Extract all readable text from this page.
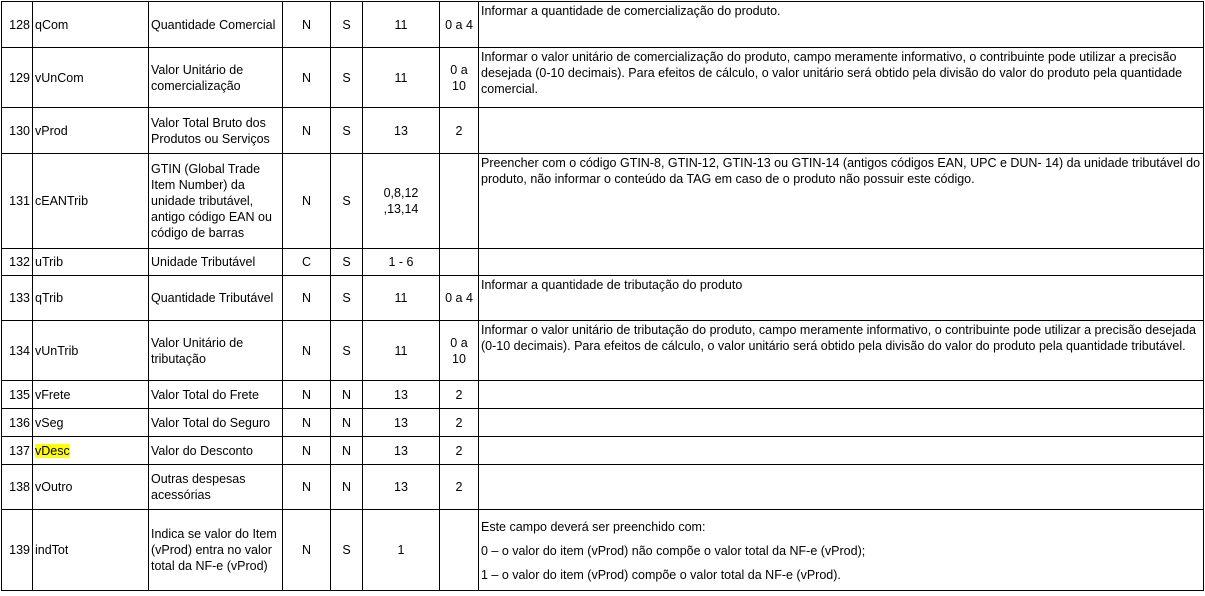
128	qCom	Quantidade Comercial	N	S	11	0 a 4	Informar a quantidade de comercialização do produto.

129	vUnCom	Valor Unitário de comercialização	N	S	11	0 a 10	Informar o valor unitário de comercialização do produto, campo meramente informativo, o contribuinte pode utilizar a precisão desejada (0-10 decimais). Para efeitos de cálculo, o valor unitário será obtido pela divisão do valor do produto pela quantidade comercial.

130	vProd	Valor Total Bruto dos Produtos ou Serviços	N	S	13	2	
131	cEANTrib	GTIN (Global Trade Item Number) da unidade tributável, antigo código EAN ou código de barras	N	S	0,8,12 ,13,14		Preencher com o código GTIN-8, GTIN-12, GTIN-13 ou GTIN-14 (antigos códigos EAN, UPC e DUN- 14) da unidade tributável do produto, não informar o conteúdo da TAG em caso de o produto não possuir este código.

132	uTrib	Unidade Tributável	C	S	1 - 6		
133	qTrib	Quantidade Tributável	N	S	11	0 a 4	Informar a quantidade de tributação do produto

134	vUnTrib	Valor Unitário de tributação	N	S	11	0 a 10	Informar o valor unitário de tributação do produto, campo meramente informativo, o contribuinte pode utilizar a precisão desejada (0-10 decimais). Para efeitos de cálculo, o valor unitário será obtido pela divisão do valor do produto pela quantidade tributável.

135	vFrete	Valor Total do Frete	N	N	13	2	
136	vSeg	Valor Total do Seguro	N	N	13	2	
137	vDesc	Valor do Desconto	N	N	13	2	
138	vOutro	Outras despesas acessórias	N	N	13	2	
139	indTot	Indica se valor do Item (vProd) entra no valor total da NF-e (vProd)	N	S	1		Este campo deverá ser preenchido com:
0 – o valor do item (vProd) não compõe o valor total da NF-e (vProd);
1 – o valor do item (vProd) compõe o valor total da NF-e (vProd).
